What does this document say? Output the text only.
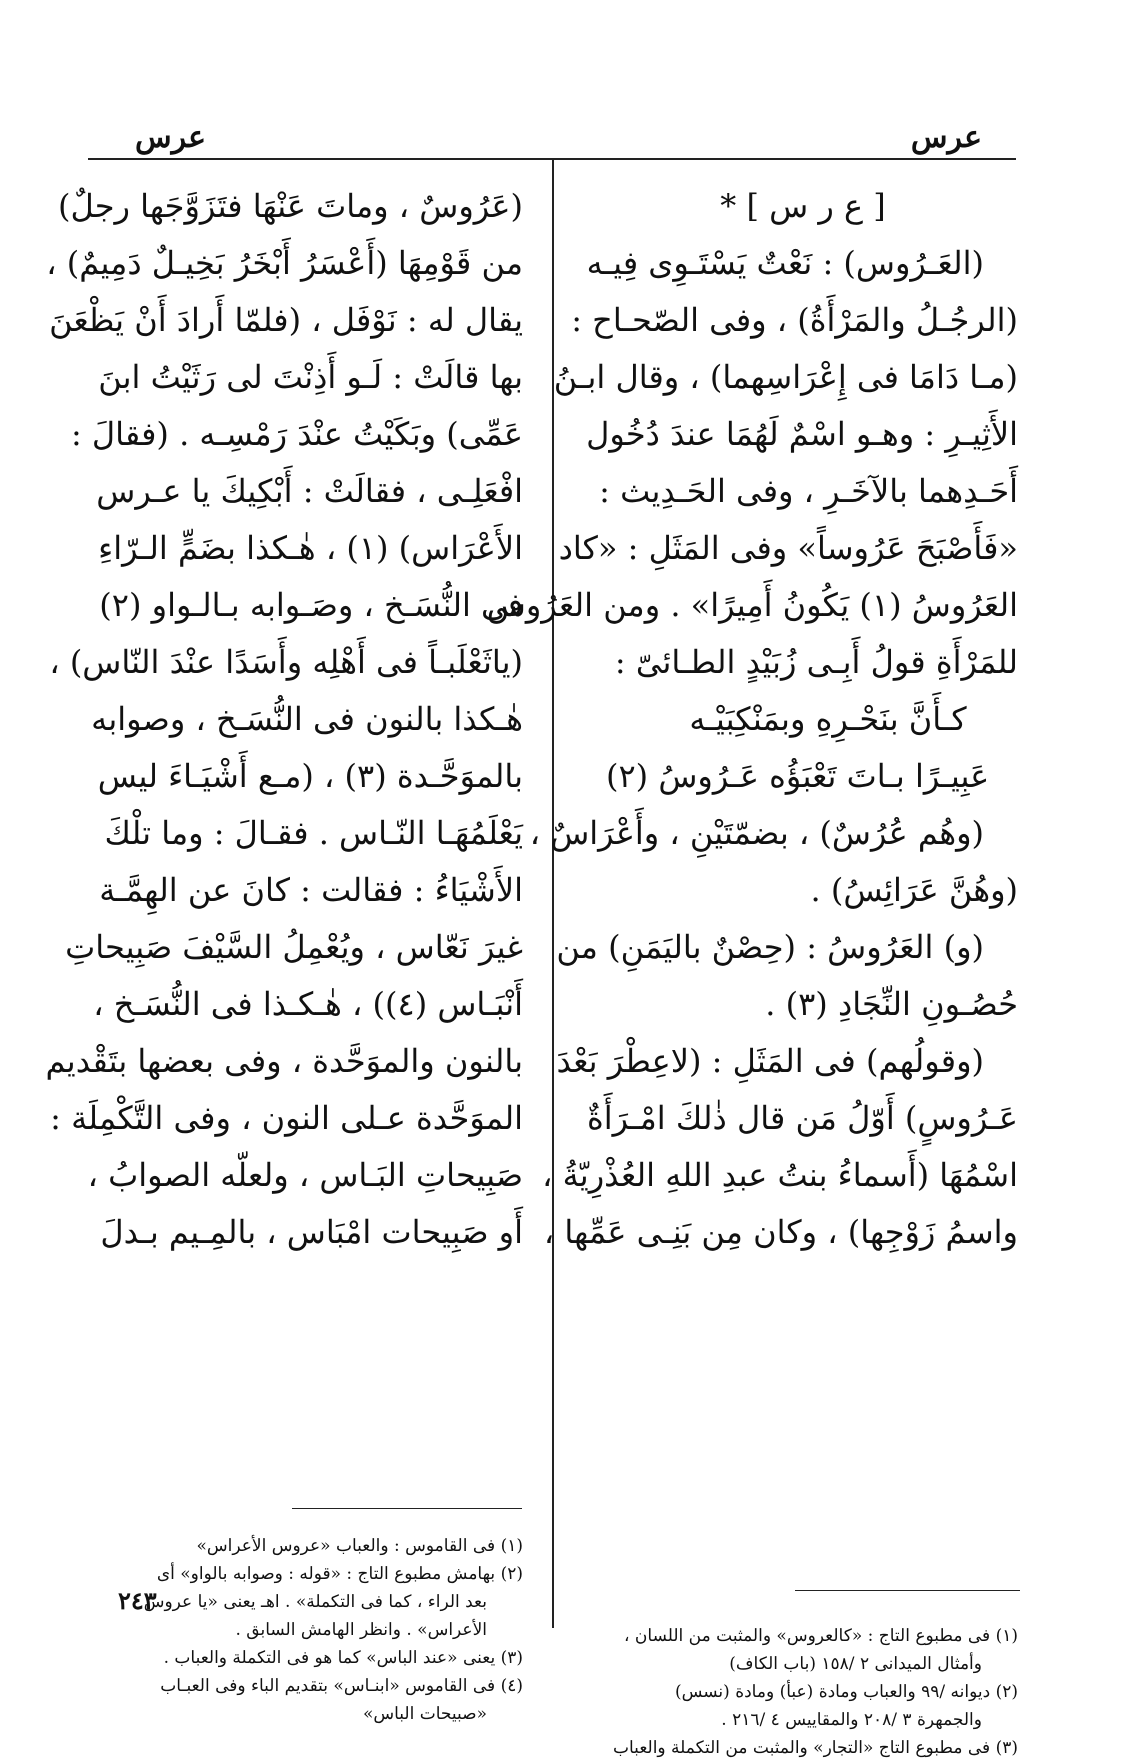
عرس
عرس
[ ع ر س ] *
(العَـرُوس) : نَعْتٌ يَسْتَـوِى فِيـه
(الرجُـلُ والمَرْأَةُ) ، وفى الصّحـاح :
(مـا دَامَا فى إِعْرَاسِهما) ، وقال ابـنُ
الأَثِيـرِ : وهـو اسْمٌ لَهُمَا عندَ دُخُول
أَحَـدِهما بالآخَـرِ ، وفى الحَـدِيث :
«فَأَصْبَحَ عَرُوساً» وفى المَثَلِ : «كاد
العَرُوسُ (١) يَكُونُ أَمِيرًا» . ومن العَرُوس
للمَرْأَةِ قولُ أَبِـى زُبَيْدٍ الطـائىّ :
كـأَنَّ بنَحْـرِهِ وبمَنْكِبَيْـه
عَبِيـرًا بـاتَ تَعْبَؤُه عَـرُوسُ (٢)
(وهُم عُرُسٌ) ، بضمّتَيْنِ ، وأَعْرَاسٌ ،
(وهُنَّ عَرَائِسُ) .
(و) العَرُوسُ : (حِصْنٌ باليَمَنِ) من
حُصُـونِ النِّجَادِ (٣) .
(وقولُهم) فى المَثَلِ : (لاعِطْرَ بَعْدَ
عَـرُوسٍ) أَوّلُ مَن قال ذٰلكَ امْـرَأَةٌ
اسْمُهَا (أَسماءُ بنتُ عبدِ اللهِ العُذْرِيّةُ ،
واسمُ زَوْجِها) ، وكان مِن بَنِـى عَمِّها ،
(عَرُوسٌ ، وماتَ عَنْهَا فتَزَوَّجَها رجلٌ)
من قَوْمِهَا (أَعْسَرُ أَبْخَرُ بَخِيـلٌ دَمِيمٌ) ،
يقال له : نَوْفَل ، (فلمّا أَرادَ أَنْ يَظْعَنَ
بها قالَتْ : لَـو أَذِنْتَ لى رَثَيْتُ ابنَ
عَمِّى) وبَكَيْتُ عنْدَ رَمْسِـه . (فقالَ :
افْعَلِـى ، فقالَتْ : أَبْكِيكَ يا عـرس
الأَعْرَاس) (١) ، هٰـكذا بضَمٍّ الـرّاءِ
فى النُّسَـخ ، وصَـوابه بـالـواو (٢)
(ياثَعْلَبـاً فى أَهْلِه وأَسَدًا عنْدَ النّاس) ،
هٰـكذا بالنون فى النُّسَـخ ، وصوابه
بالموَحَّـدة (٣) ، (مـع أَشْيَـاءَ ليس
يَعْلَمُهَـا النّـاس . فقـالَ : وما تلْكَ
الأَشْيَاءُ : فقالت : كانَ عن الهِمَّـة
غيرَ نَعّاس ، ويُعْمِلُ السَّيْفَ صَبِيحاتِ
أَنْبَـاس (٤)) ، هٰـكـذا فى النُّسَـخ ،
بالنون والموَحَّدة ، وفى بعضها بتَقْديم
الموَحَّدة عـلى النون ، وفى التَّكْمِلَة :
صَبِيحاتِ البَـاس ، ولعلّه الصوابُ ،
أَو صَبِيحات امْبَاس ، بالمِـيم بـدلَ
(١) فى مطبوع التاج : «كالعروس» والمثبت من اللسان ،
وأمثال الميدانى ٢ /١٥٨ (باب الكاف)
(٢) ديوانه /٩٩ والعباب ومادة (عبأ) ومادة (نسس)
والجمهرة ٣ /٢٠٨ والمقاييس ٤ /٢١٦ .
(٣) فى مطبوع التاج «التجار» والمثبت من التكملة والعباب
(١) فى القاموس : والعباب «عروس الأعراس»
(٢) بهامش مطبوع التاج : «قوله : وصوابه بالواو» أى
بعد الراء ، كما فى التكملة» . اهـ يعنى «يا عروس
الأعراس» . وانظر الهامش السابق .
(٣) يعنى «عند الباس» كما هو فى التكملة والعباب .
(٤) فى القاموس «ابنـاس» بتقديم الباء وفى العبـاب
«صبيحات الباس»
٢٤٣
